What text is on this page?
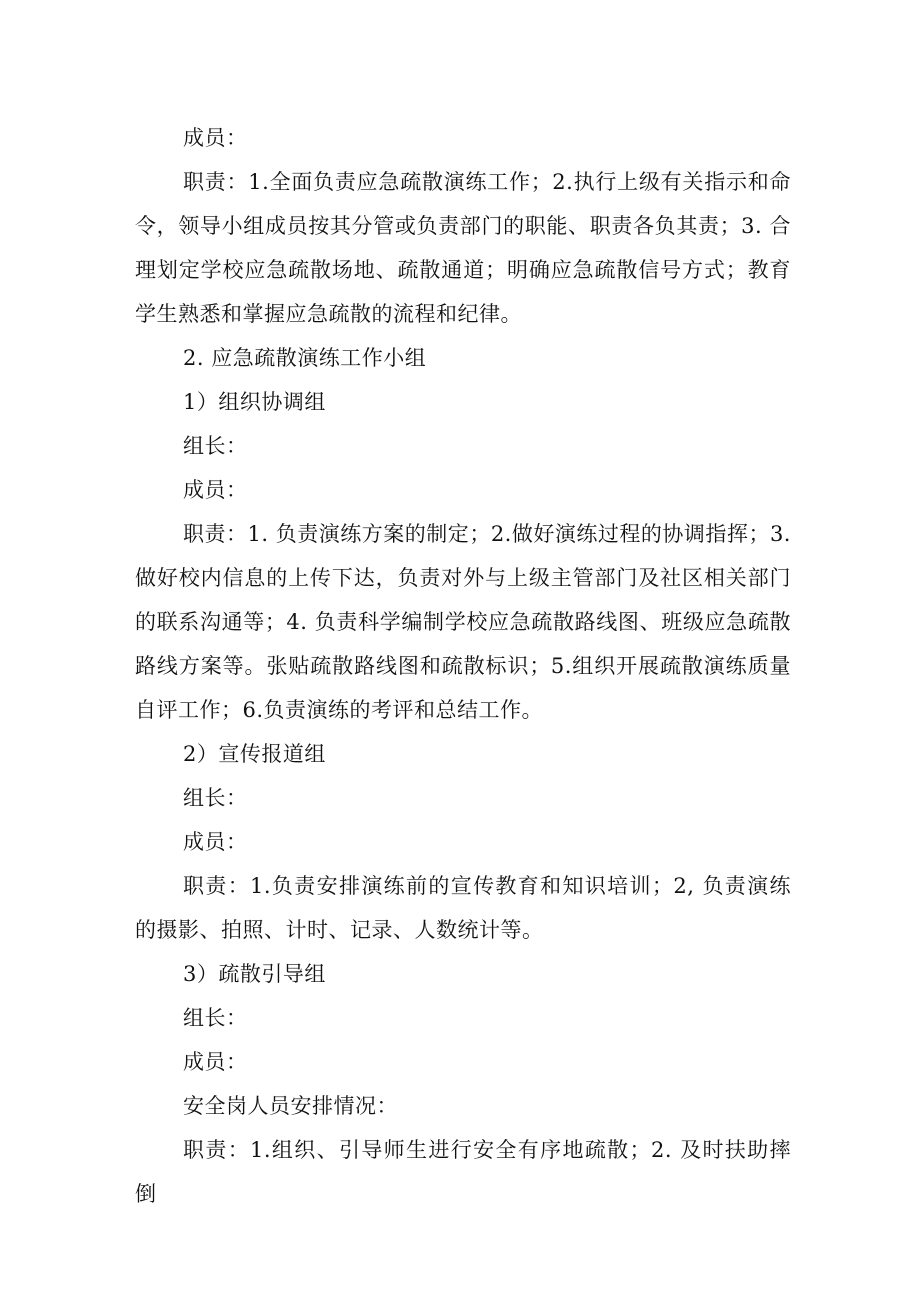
成员：

职责：1.全面负责应急疏散演练工作；2.执行上级有关指示和命令，领导小组成员按其分管或负责部门的职能、职责各负其责；3. 合理划定学校应急疏散场地、疏散通道；明确应急疏散信号方式；教育学生熟悉和掌握应急疏散的流程和纪律。

2. 应急疏散演练工作小组

1）组织协调组

组长：

成员：

职责：1. 负责演练方案的制定；2.做好演练过程的协调指挥；3. 做好校内信息的上传下达，负责对外与上级主管部门及社区相关部门的联系沟通等；4. 负责科学编制学校应急疏散路线图、班级应急疏散路线方案等。张贴疏散路线图和疏散标识；5.组织开展疏散演练质量自评工作；6.负责演练的考评和总结工作。

2）宣传报道组

组长：

成员：

职责：1.负责安排演练前的宣传教育和知识培训；2, 负责演练的摄影、拍照、计时、记录、人数统计等。

3）疏散引导组

组长：

成员：

安全岗人员安排情况：

职责：1.组织、引导师生进行安全有序地疏散；2. 及时扶助摔倒
